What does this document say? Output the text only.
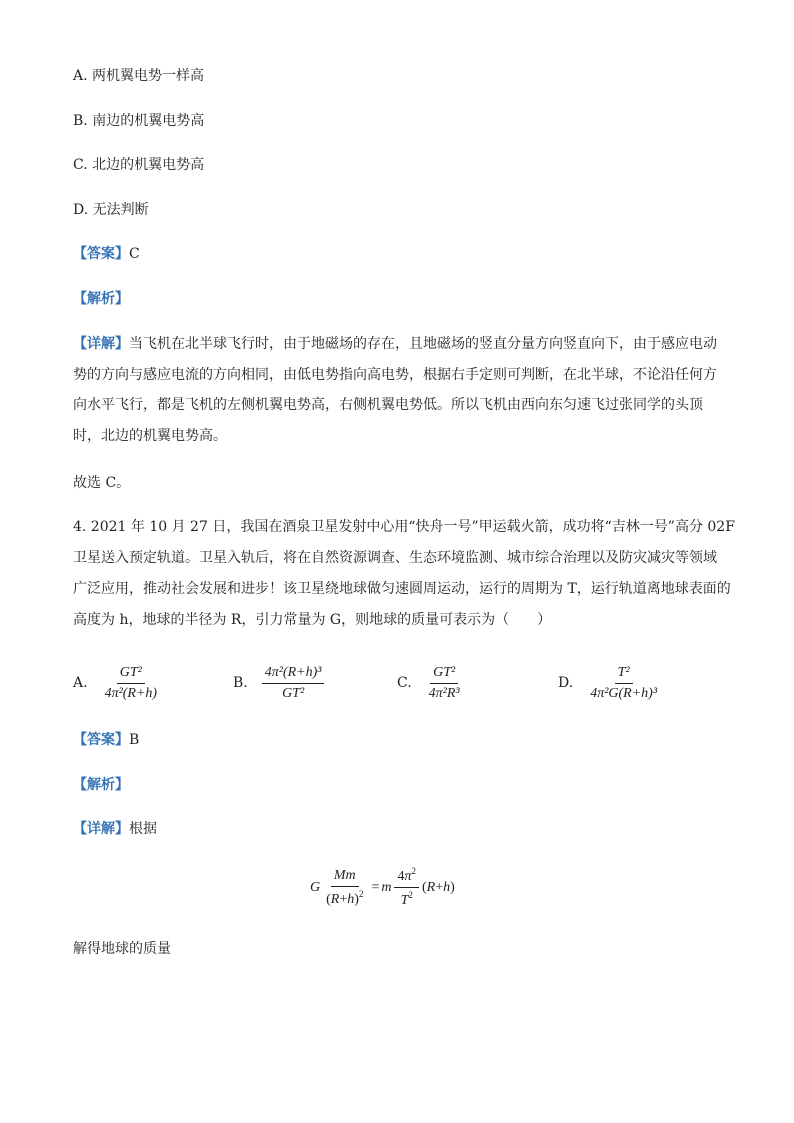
A. 两机翼电势一样高
B. 南边的机翼电势高
C. 北边的机翼电势高
D. 无法判断
【答案】C
【解析】
【详解】当飞机在北半球飞行时，由于地磁场的存在，且地磁场的竖直分量方向竖直向下，由于感应电动势的方向与感应电流的方向相同，由低电势指向高电势，根据右手定则可判断，在北半球，不论沿任何方向水平飞行，都是飞机的左侧机翼电势高，右侧机翼电势低。所以飞机由西向东匀速飞过张同学的头顶时，北边的机翼电势高。
故选 C。
4. 2021 年 10 月 27 日，我国在酒泉卫星发射中心用“快舟一号”甲运载火箭，成功将“吉林一号”高分 02F
卫星送入预定轨道。卫星入轨后，将在自然资源调查、生态环境监测、城市综合治理以及防灾减灾等领域
广泛应用，推动社会发展和进步！该卫星绕地球做匀速圆周运动，运行的周期为 T，运行轨道离地球表面的
高度为 h，地球的半径为 R，引力常量为 G，则地球的质量可表示为（　　）
A. $\frac{\text{GT²}}{\text{4π²(R+h)}}$	B. $\frac{\text{4π²(R+h)³}}{\text{GT²}}$	C. $\frac{\text{GT²}}{\text{4π²R³}}$	D. $\frac{\text{T²}}{\text{4π²G(R+h)³}}$
【答案】B
【解析】
【详解】根据
G $\frac{Mm}{(R+h)^2} = m \frac{4\pi^2}{T^2} (R+h)$
解得地球的质量
